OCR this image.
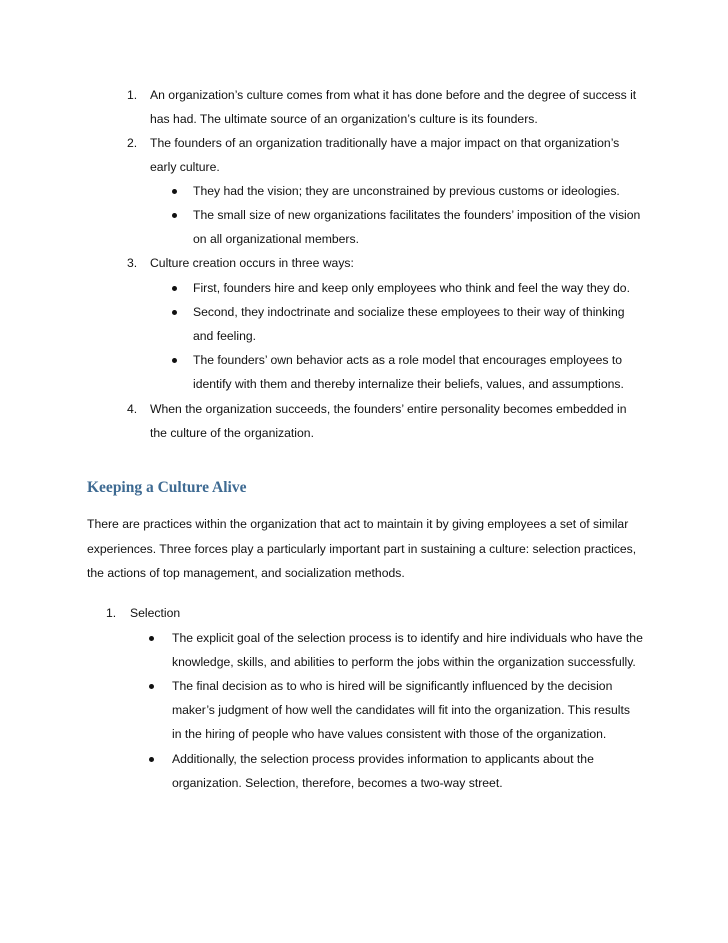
1. An organization’s culture comes from what it has done before and the degree of success it
has had. The ultimate source of an organization’s culture is its founders.
2. The founders of an organization traditionally have a major impact on that organization’s
early culture.
They had the vision; they are unconstrained by previous customs or ideologies.
The small size of new organizations facilitates the founders’ imposition of the vision
on all organizational members.
3. Culture creation occurs in three ways:
First, founders hire and keep only employees who think and feel the way they do.
Second, they indoctrinate and socialize these employees to their way of thinking
and feeling.
The founders’ own behavior acts as a role model that encourages employees to
identify with them and thereby internalize their beliefs, values, and assumptions.
4. When the organization succeeds, the founders’ entire personality becomes embedded in
the culture of the organization.
Keeping a Culture Alive
There are practices within the organization that act to maintain it by giving employees a set of similar
experiences. Three forces play a particularly important part in sustaining a culture: selection practices,
the actions of top management, and socialization methods.
1. Selection
The explicit goal of the selection process is to identify and hire individuals who have the
knowledge, skills, and abilities to perform the jobs within the organization successfully.
The final decision as to who is hired will be significantly influenced by the decision
maker’s judgment of how well the candidates will fit into the organization. This results
in the hiring of people who have values consistent with those of the organization.
Additionally, the selection process provides information to applicants about the
organization. Selection, therefore, becomes a two-way street.
